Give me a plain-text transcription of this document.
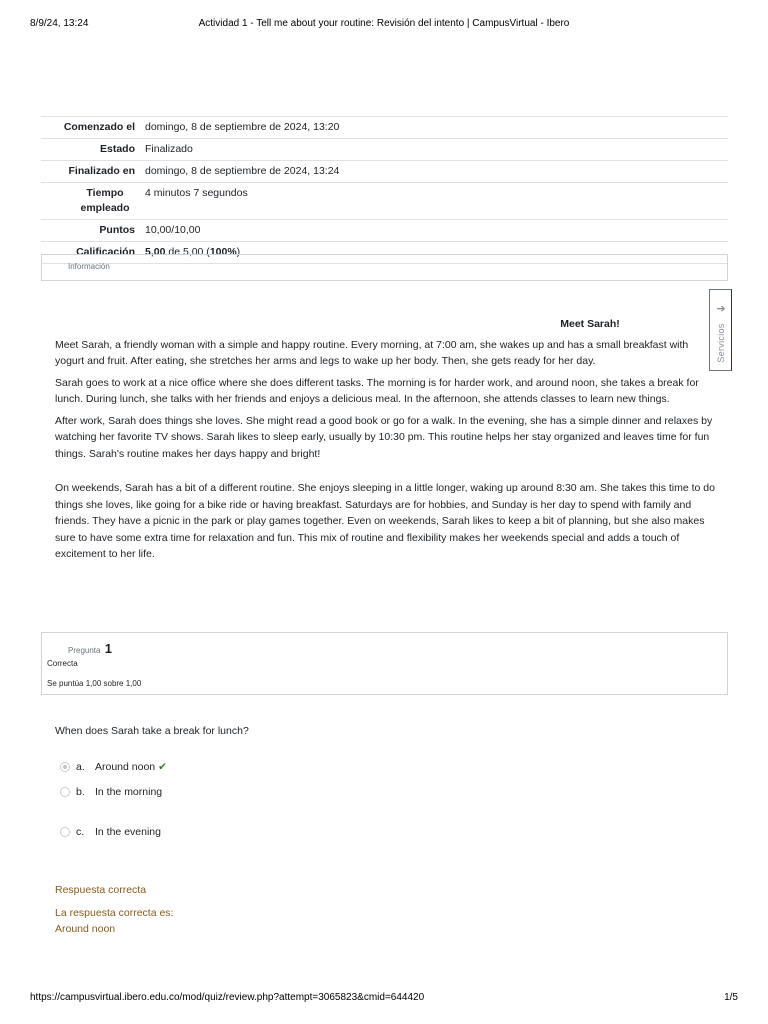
8/9/24, 13:24	Actividad 1 - Tell me about your routine: Revisión del intento | CampusVirtual - Ibero
Comenzado el	domingo, 8 de septiembre de 2024, 13:20
Estado	Finalizado
Finalizado en	domingo, 8 de septiembre de 2024, 13:24
Tiempo empleado	4 minutos 7 segundos
Puntos	10,00/10,00
Calificación	5,00 de 5,00 (100%)
Información
➔
Servicios

Meet Sarah!

Meet Sarah, a friendly woman with a simple and happy routine. Every morning, at 7:00 am, she wakes up and has a small breakfast with yogurt and fruit. After eating, she stretches her arms and legs to wake up her body. Then, she gets ready for her day.

Sarah goes to work at a nice office where she does different tasks. The morning is for harder work, and around noon, she takes a break for lunch. During lunch, she talks with her friends and enjoys a delicious meal. In the afternoon, she attends classes to learn new things.

After work, Sarah does things she loves. She might read a good book or go for a walk. In the evening, she has a simple dinner and relaxes by watching her favorite TV shows. Sarah likes to sleep early, usually by 10:30 pm. This routine helps her stay organized and leaves time for fun things. Sarah's routine makes her days happy and bright!

On weekends, Sarah has a bit of a different routine. She enjoys sleeping in a little longer, waking up around 8:30 am. She takes this time to do things she loves, like going for a bike ride or having breakfast. Saturdays are for hobbies, and Sunday is her day to spend with family and friends. They have a picnic in the park or play games together. Even on weekends, Sarah likes to keep a bit of planning, but she also makes sure to have some extra time for relaxation and fun. This mix of routine and flexibility makes her weekends special and adds a touch of excitement to her life.

Pregunta 1
Correcta
Se puntúa 1,00 sobre 1,00
When does Sarah take a break for lunch?
a. Around noon ✔
b. In the morning
c. In the evening
Respuesta correcta
La respuesta correcta es:
Around noon
https://campusvirtual.ibero.edu.co/mod/quiz/review.php?attempt=3065823&cmid=644420	1/5
